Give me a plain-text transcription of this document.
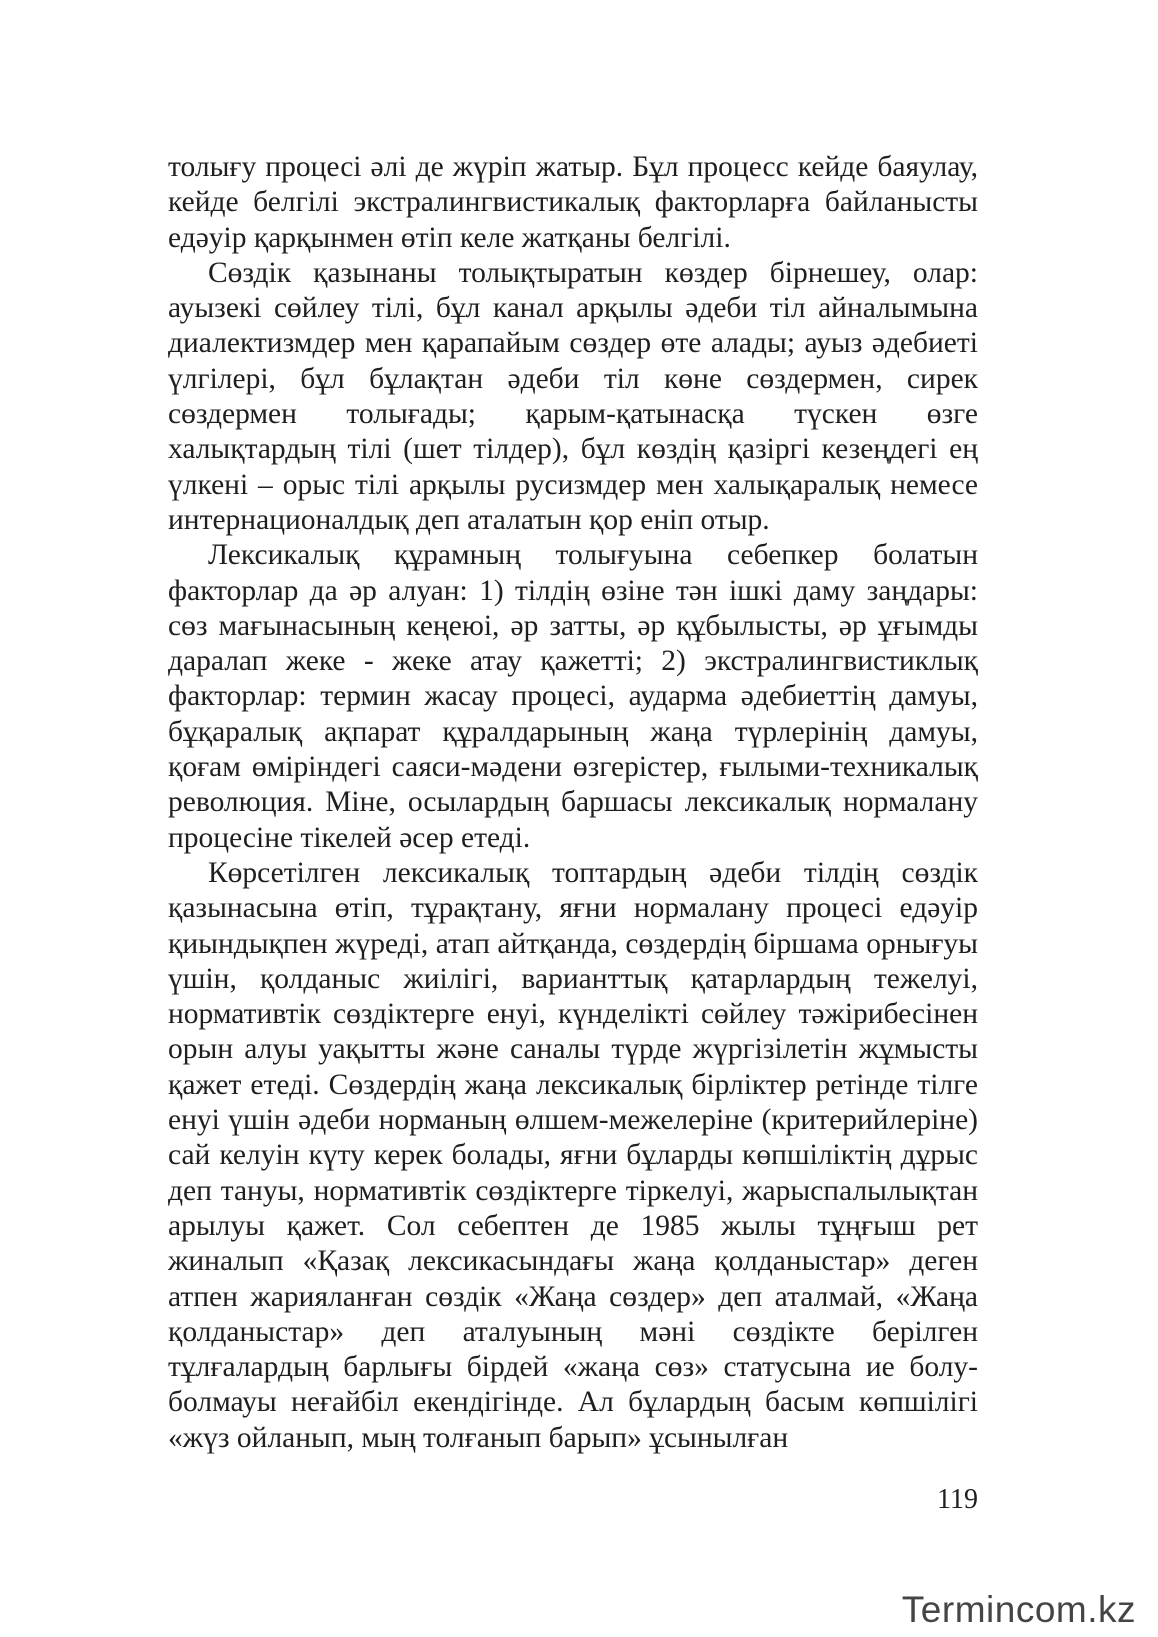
толығу процесі әлі де жүріп жатыр. Бұл процесс кейде баяулау, кейде белгілі экстралингвистикалық факторларға байланысты едәуір қарқынмен өтіп келе жатқаны белгілі.

Сөздік қазынаны толықтыратын көздер бірнешеу, олар: ауызекі сөйлеу тілі, бұл канал арқылы әдеби тіл айналымына диалектизмдер мен қарапайым сөздер өте алады; ауыз әдебиеті үлгілері, бұл бұлақтан әдеби тіл көне сөздермен, сирек сөздермен толығады; қарым-қатынасқа түскен өзге халықтардың тілі (шет тілдер), бұл көздің қазіргі кезеңдегі ең үлкені – орыс тілі арқылы русизмдер мен халықаралық немесе интернационалдық деп аталатын қор еніп отыр.

Лексикалық құрамның толығуына себепкер болатын факторлар да әр алуан: 1) тілдің өзіне тән ішкі даму заңдары: сөз мағынасының кеңеюі, әр затты, әр құбылысты, әр ұғымды даралап жеке - жеке атау қажетті; 2) экстралингвистиклық факторлар: термин жасау процесі, аударма әдебиеттің дамуы, бұқаралық ақпарат құралдарының жаңа түрлерінің дамуы, қоғам өміріндегі саяси-мәдени өзгерістер, ғылыми-техникалық революция. Міне, осылардың баршасы лексикалық нормалану процесіне тікелей әсер етеді.

Көрсетілген лексикалық топтардың әдеби тілдің сөздік қазынасына өтіп, тұрақтану, яғни нормалану процесі едәуір қиындықпен жүреді, атап айтқанда, сөздердің біршама орнығуы үшін, қолданыс жиілігі, варианттық қатарлардың тежелуі, нормативтік сөздіктерге енуі, күнделікті сөйлеу тәжірибесінен орын алуы уақытты және саналы түрде жүргізілетін жұмысты қажет етеді. Сөздердің жаңа лексикалық бірліктер ретінде тілге енуі үшін әдеби норманың өлшем-межелеріне (критерийлеріне) сай келуін күту керек болады, яғни бұларды көпшіліктің дұрыс деп тануы, нормативтік сөздіктерге тіркелуі, жарыспалылықтан арылуы қажет. Сол себептен де 1985 жылы тұңғыш рет жиналып «Қазақ лексикасындағы жаңа қолданыстар» деген атпен жарияланған сөздік «Жаңа сөздер» деп аталмай, «Жаңа қолданыстар» деп аталуының мәні сөздікте берілген тұлғалардың барлығы бірдей «жаңа сөз» статусына ие болу-болмауы неғайбіл екендігінде. Ал бұлардың басым көпшілігі «жүз ойланып, мың толғанып барып» ұсынылған

119
Termincom.kz
